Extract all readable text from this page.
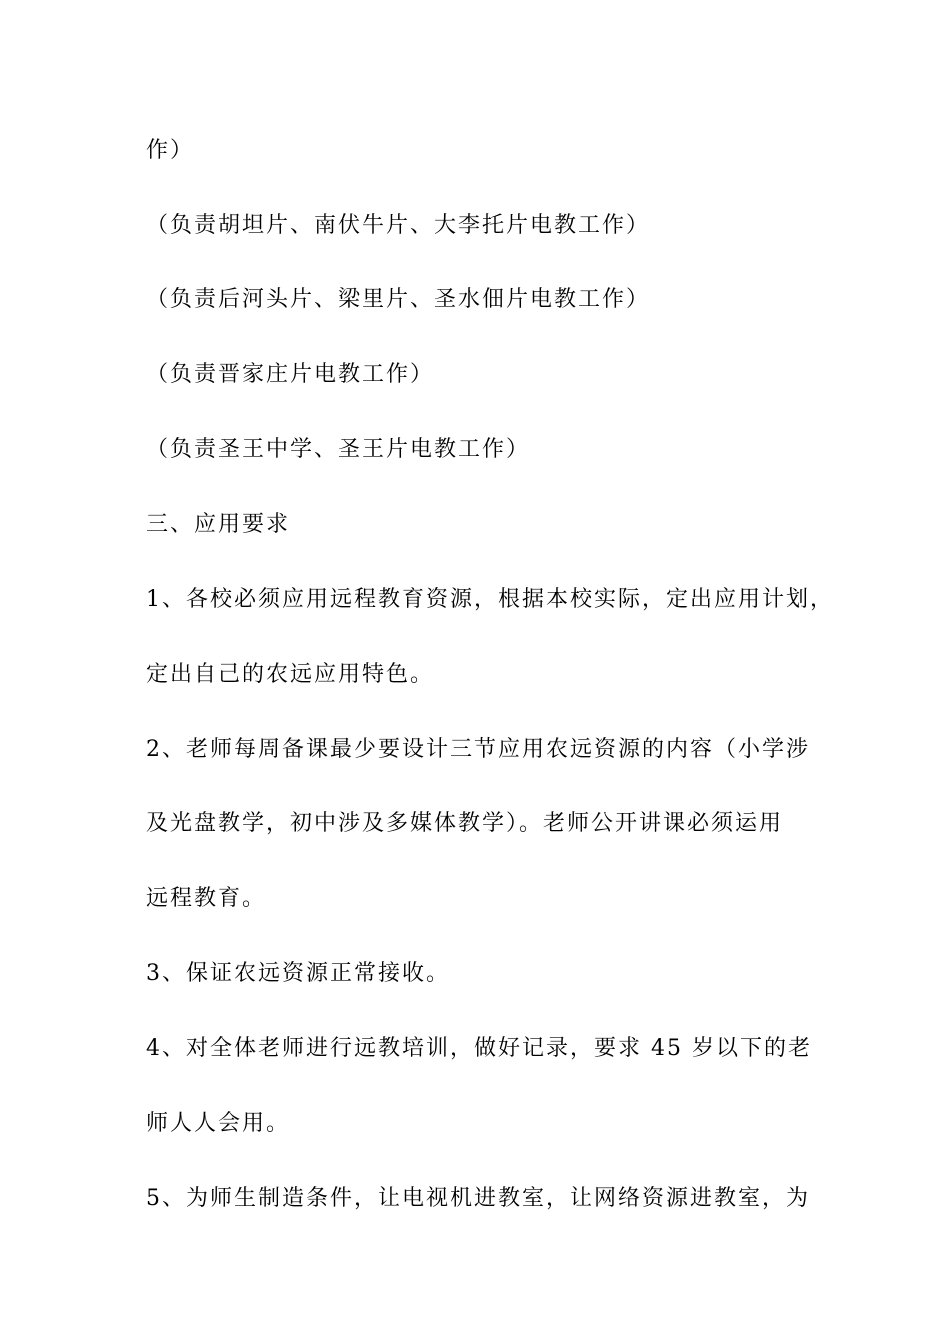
作）
（负责胡坦片、南伏牛片、大李托片电教工作）
（负责后河头片、梁里片、圣水佃片电教工作）
（负责晋家庄片电教工作）
（负责圣王中学、圣王片电教工作）
三、应用要求
1、各校必须应用远程教育资源，根据本校实际，定出应用计划，
定出自己的农远应用特色。
2、老师每周备课最少要设计三节应用农远资源的内容（小学涉
及光盘教学，初中涉及多媒体教学）。老师公开讲课必须运用
远程教育。
3、保证农远资源正常接收。
4、对全体老师进行远教培训，做好记录，要求 45 岁以下的老
师人人会用。
5、为师生制造条件，让电视机进教室，让网络资源进教室，为
